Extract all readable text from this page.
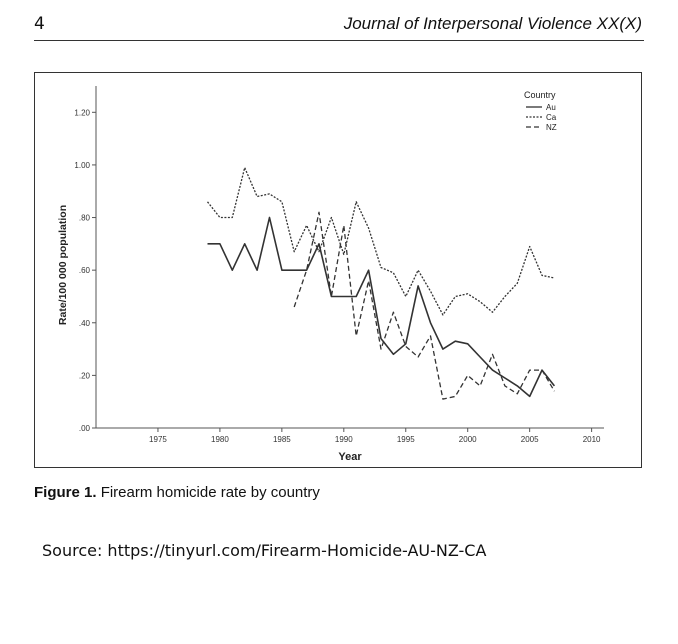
4	Journal of Interpersonal Violence XX(X)
.00
.20
.40
.60
.80
1.00
1.20
1975	1980	1985	1990	1995	2000	2005	2010
Year
Rate/100 000 population
Country
Au
Ca
NZ
Figure 1. Firearm homicide rate by country
Source: https://tinyurl.com/Firearm-Homicide-AU-NZ-CA
